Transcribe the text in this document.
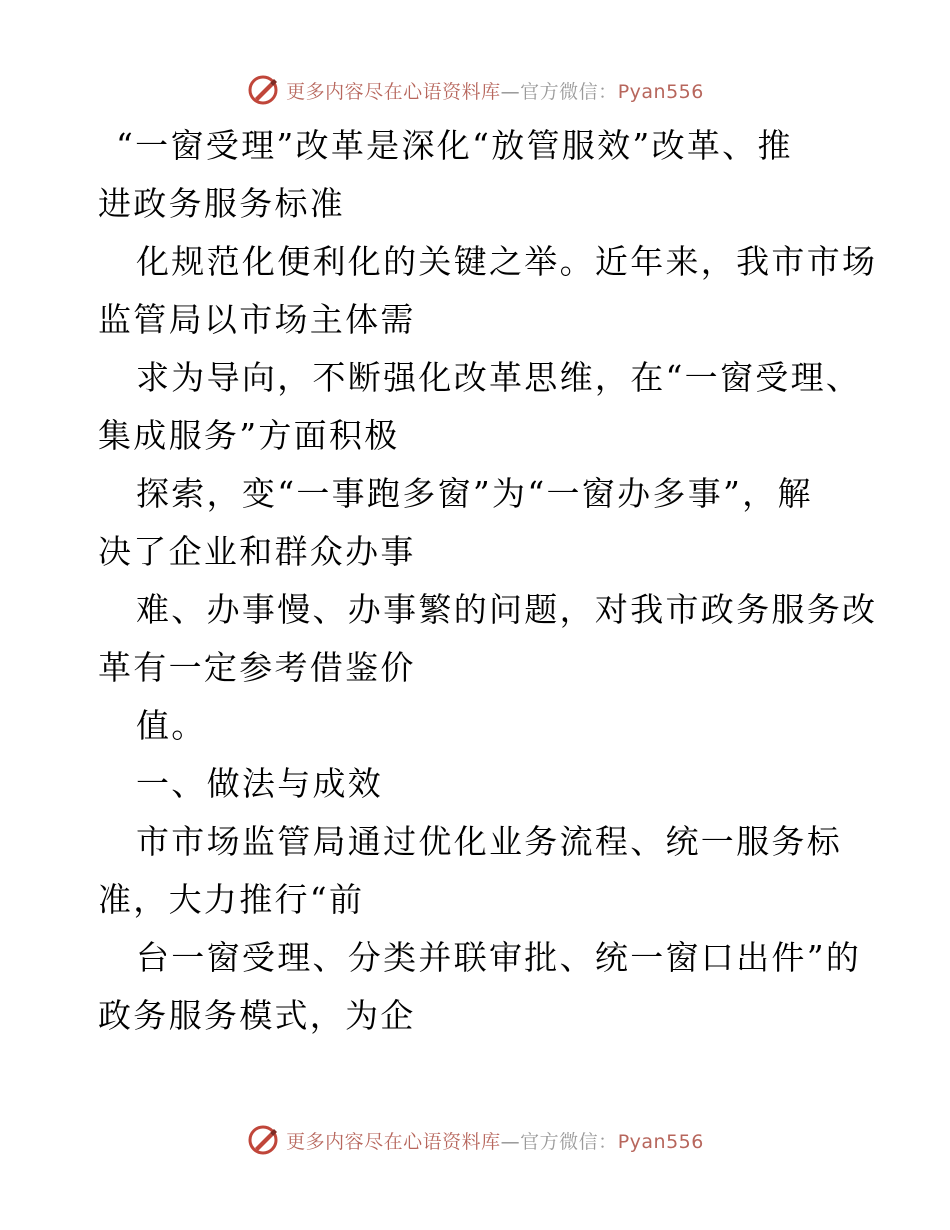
更多内容尽在心语资料库—官方微信：Pyan556
“一窗受理”改革是深化“放管服效”改革、推
进政务服务标准
化规范化便利化的关键之举。近年来，我市市场
监管局以市场主体需
求为导向，不断强化改革思维，在“一窗受理、
集成服务”方面积极
探索，变“一事跑多窗”为“一窗办多事”，解
决了企业和群众办事
难、办事慢、办事繁的问题，对我市政务服务改
革有一定参考借鉴价
值。
一、做法与成效
市市场监管局通过优化业务流程、统一服务标
准，大力推行“前
台一窗受理、分类并联审批、统一窗口出件”的
政务服务模式，为企
更多内容尽在心语资料库—官方微信：Pyan556
